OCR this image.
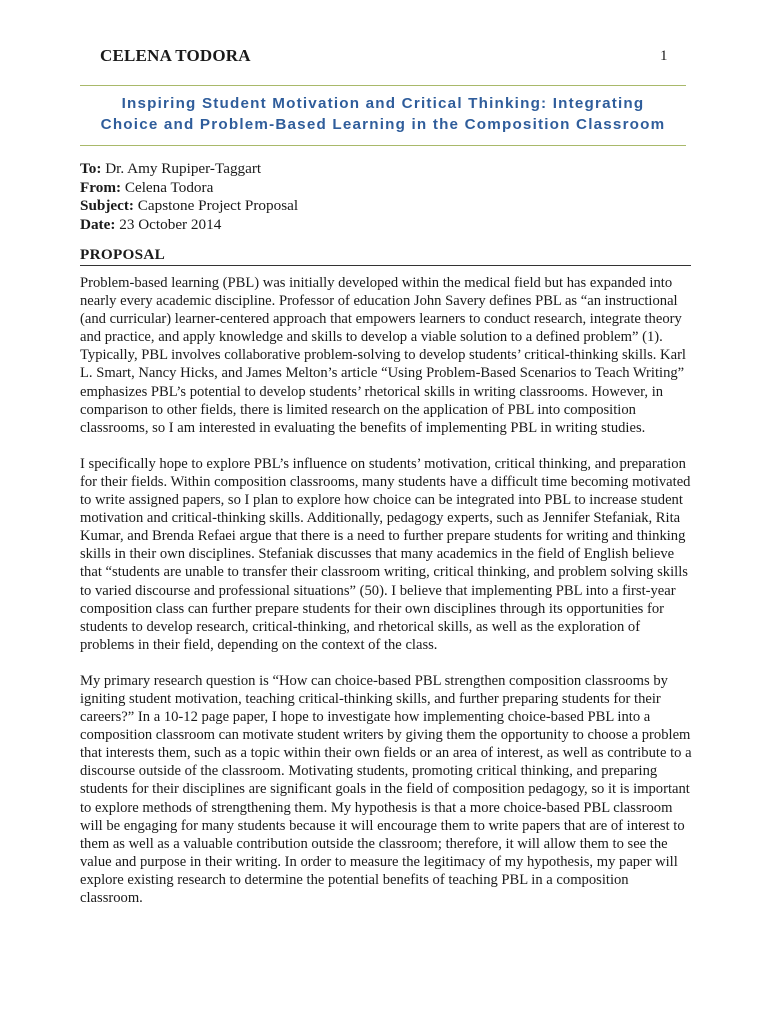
CELENA TODORA	1
Inspiring Student Motivation and Critical Thinking: Integrating
Choice and Problem-Based Learning in the Composition Classroom
To: Dr. Amy Rupiper-Taggart
From: Celena Todora
Subject: Capstone Project Proposal
Date: 23 October 2014
PROPOSAL

Problem-based learning (PBL) was initially developed within the medical field but has expanded into nearly every academic discipline. Professor of education John Savery defines PBL as “an instructional (and curricular) learner-centered approach that empowers learners to conduct research, integrate theory and practice, and apply knowledge and skills to develop a viable solution to a defined problem” (1). Typically, PBL involves collaborative problem-solving to develop students’ critical-thinking skills. Karl L. Smart, Nancy Hicks, and James Melton’s article “Using Problem-Based Scenarios to Teach Writing” emphasizes PBL’s potential to develop students’ rhetorical skills in writing classrooms. However, in comparison to other fields, there is limited research on the application of PBL into composition classrooms, so I am interested in evaluating the benefits of implementing PBL in writing studies.

I specifically hope to explore PBL’s influence on students’ motivation, critical thinking, and preparation for their fields. Within composition classrooms, many students have a difficult time becoming motivated to write assigned papers, so I plan to explore how choice can be integrated into PBL to increase student motivation and critical-thinking skills. Additionally, pedagogy experts, such as Jennifer Stefaniak, Rita Kumar, and Brenda Refaei argue that there is a need to further prepare students for writing and thinking skills in their own disciplines. Stefaniak discusses that many academics in the field of English believe that “students are unable to transfer their classroom writing, critical thinking, and problem solving skills to varied discourse and professional situations” (50). I believe that implementing PBL into a first-year composition class can further prepare students for their own disciplines through its opportunities for students to develop research, critical-thinking, and rhetorical skills, as well as the exploration of problems in their field, depending on the context of the class.

My primary research question is “How can choice-based PBL strengthen composition classrooms by igniting student motivation, teaching critical-thinking skills, and further preparing students for their careers?” In a 10-12 page paper, I hope to investigate how implementing choice-based PBL into a composition classroom can motivate student writers by giving them the opportunity to choose a problem that interests them, such as a topic within their own fields or an area of interest, as well as contribute to a discourse outside of the classroom. Motivating students, promoting critical thinking, and preparing students for their disciplines are significant goals in the field of composition pedagogy, so it is important to explore methods of strengthening them. My hypothesis is that a more choice-based PBL classroom will be engaging for many students because it will encourage them to write papers that are of interest to them as well as a valuable contribution outside the classroom; therefore, it will allow them to see the value and purpose in their writing. In order to measure the legitimacy of my hypothesis, my paper will explore existing research to determine the potential benefits of teaching PBL in a composition classroom.
